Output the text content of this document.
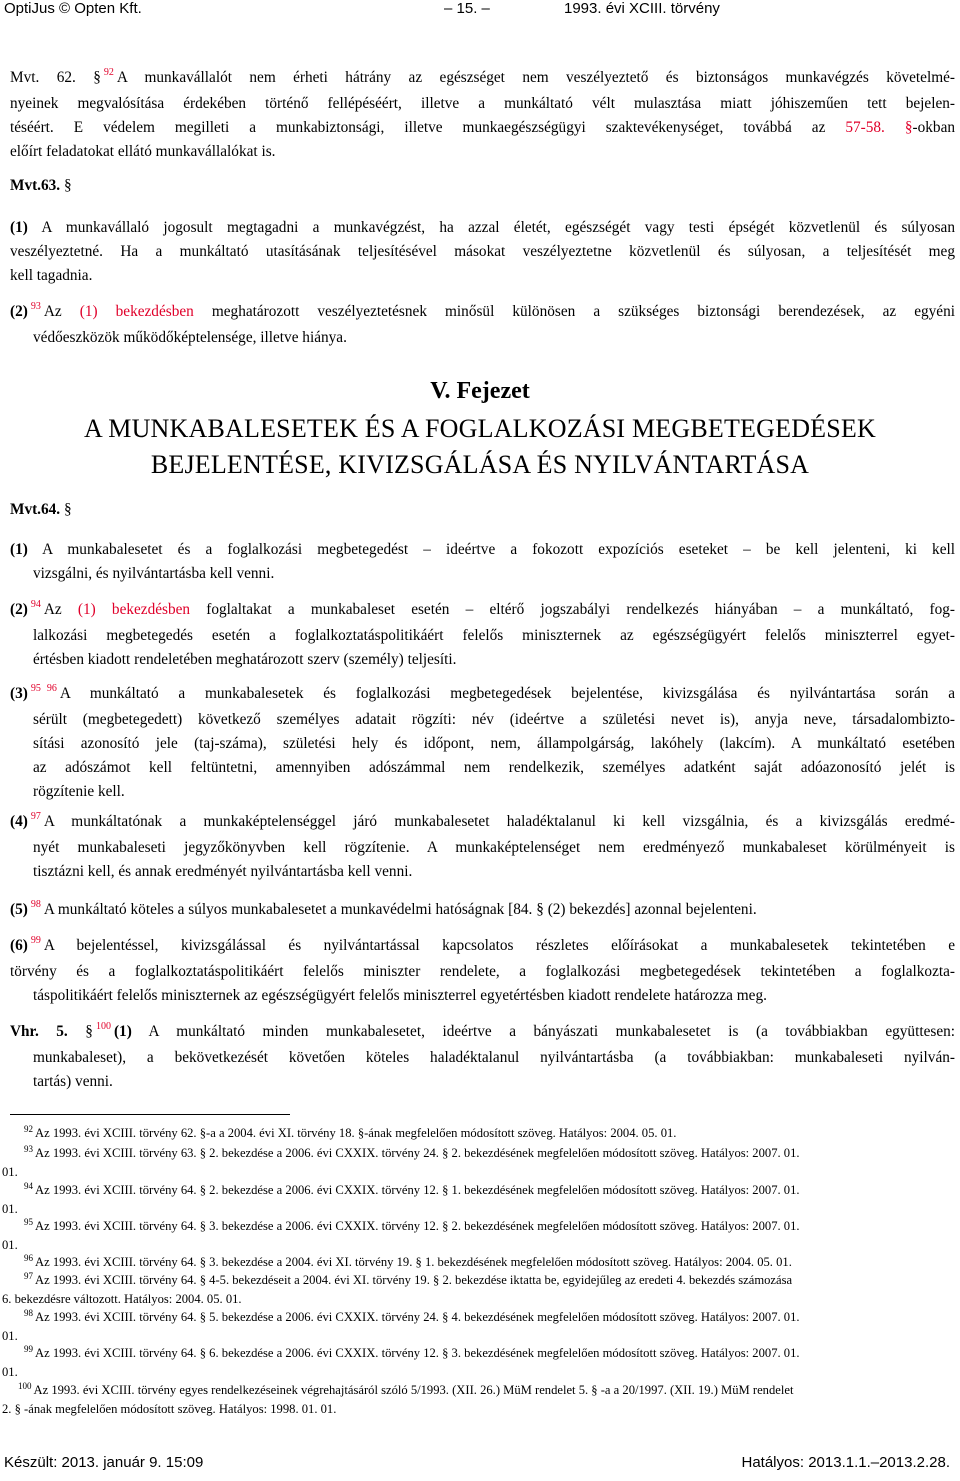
OptiJus © Opten Kft.	– 15. –	1993. évi XCIII. törvény
Mvt. 62. § $^{92}$ A munkavállalót nem érheti hátrány az egészséget nem veszélyeztető és biztonságos munkavégzés követelmé-
nyeinek megvalósítása érdekében történő fellépéséért, illetve a munkáltató vélt mulasztása miatt jóhiszeműen tett bejelen-
téséért. E védelem megilleti a munkabiztonsági, illetve munkaegészségügyi szaktevékenységet, továbbá az 57-58. §-okban
előírt feladatokat ellátó munkavállalókat is.
Mvt.63. §
(1) A munkavállaló jogosult megtagadni a munkavégzést, ha azzal életét, egészségét vagy testi épségét közvetlenül és súlyosan
veszélyeztetné. Ha a munkáltató utasításának teljesítésével másokat veszélyeztetne közvetlenül és súlyosan, a teljesítését meg
kell tagadnia.
(2) $^{93}$ Az (1) bekezdésben meghatározott veszélyeztetésnek minősül különösen a szükséges biztonsági berendezések, az egyéni
védőeszközök működőképtelensége, illetve hiánya.
V. Fejezet
A MUNKABALESETEK ÉS A FOGLALKOZÁSI MEGBETEGEDÉSEK
BEJELENTÉSE, KIVIZSGÁLÁSA ÉS NYILVÁNTARTÁSA
Mvt.64. §
(1) A munkabalesetet és a foglalkozási megbetegedést – ideértve a fokozott expozíciós eseteket – be kell jelenteni, ki kell
vizsgálni, és nyilvántartásba kell venni.
(2) $^{94}$ Az (1) bekezdésben foglaltakat a munkabaleset esetén – eltérő jogszabályi rendelkezés hiányában – a munkáltató, fog-
lalkozási megbetegedés esetén a foglalkoztatáspolitikáért felelős miniszternek az egészségügyért felelős miniszterrel egyet-
értésben kiadott rendeletében meghatározott szerv (személy) teljesíti.
(3) $^{95}$ $^{96}$ A munkáltató a munkabalesetek és foglalkozási megbetegedések bejelentése, kivizsgálása és nyilvántartása során a
sérült (megbetegedett) következő személyes adatait rögzíti: név (ideértve a születési nevet is), anyja neve, társadalombizto-
sítási azonosító jele (taj-száma), születési hely és időpont, nem, állampolgárság, lakóhely (lakcím). A munkáltató esetében
az adószámot kell feltüntetni, amennyiben adószámmal nem rendelkezik, személyes adatként saját adóazonosító jelét is
rögzítenie kell.
(4) $^{97}$ A munkáltatónak a munkaképtelenséggel járó munkabalesetet haladéktalanul ki kell vizsgálnia, és a kivizsgálás eredmé-
nyét munkabaleseti jegyzőkönyvben kell rögzítenie. A munkaképtelenséget nem eredményező munkabaleset körülményeit is
tisztázni kell, és annak eredményét nyilvántartásba kell venni.
(5) $^{98}$ A munkáltató köteles a súlyos munkabalesetet a munkavédelmi hatóságnak [84. § (2) bekezdés] azonnal bejelenteni.
(6) $^{99}$ A bejelentéssel, kivizsgálással és nyilvántartással kapcsolatos részletes előírásokat a munkabalesetek tekintetében e
törvény és a foglalkoztatáspolitikáért felelős miniszter rendelete, a foglalkozási megbetegedések tekintetében a foglalkozta-
táspolitikáért felelős miniszternek az egészségügyért felelős miniszterrel egyetértésben kiadott rendelete határozza meg.
Vhr. 5. § $^{100}$ (1) A munkáltató minden munkabalesetet, ideértve a bányászati munkabalesetet is (a továbbiakban együttesen:
munkabaleset), a bekövetkezését követően köteles haladéktalanul nyilvántartásba (a továbbiakban: munkabaleseti nyilván-
tartás) venni.
$^{92}$ Az 1993. évi XCIII. törvény 62. §-a a 2004. évi XI. törvény 18. §-ának megfelelően módosított szöveg. Hatályos: 2004. 05. 01.
$^{93}$ Az 1993. évi XCIII. törvény 63. § 2. bekezdése a 2006. évi CXXIX. törvény 24. § 2. bekezdésének megfelelően módosított szöveg. Hatályos: 2007. 01.
01.
$^{94}$ Az 1993. évi XCIII. törvény 64. § 2. bekezdése a 2006. évi CXXIX. törvény 12. § 1. bekezdésének megfelelően módosított szöveg. Hatályos: 2007. 01.
01.
$^{95}$ Az 1993. évi XCIII. törvény 64. § 3. bekezdése a 2006. évi CXXIX. törvény 12. § 2. bekezdésének megfelelően módosított szöveg. Hatályos: 2007. 01.
01.
$^{96}$ Az 1993. évi XCIII. törvény 64. § 3. bekezdése a 2004. évi XI. törvény 19. § 1. bekezdésének megfelelően módosított szöveg. Hatályos: 2004. 05. 01.
$^{97}$ Az 1993. évi XCIII. törvény 64. § 4-5. bekezdéseit a 2004. évi XI. törvény 19. § 2. bekezdése iktatta be, egyidejűleg az eredeti 4. bekezdés számozása
6. bekezdésre változott. Hatályos: 2004. 05. 01.
$^{98}$ Az 1993. évi XCIII. törvény 64. § 5. bekezdése a 2006. évi CXXIX. törvény 24. § 4. bekezdésének megfelelően módosított szöveg. Hatályos: 2007. 01.
01.
$^{99}$ Az 1993. évi XCIII. törvény 64. § 6. bekezdése a 2006. évi CXXIX. törvény 12. § 3. bekezdésének megfelelően módosított szöveg. Hatályos: 2007. 01.
01.
$^{100}$ Az 1993. évi XCIII. törvény egyes rendelkezéseinek végrehajtásáról szóló 5/1993. (XII. 26.) MüM rendelet 5. § -a a 20/1997. (XII. 19.) MüM rendelet
2. § -ának megfelelően módosított szöveg. Hatályos: 1998. 01. 01.
Készült: 2013. január 9. 15:09	Hatályos: 2013.1.1.–2013.2.28.
